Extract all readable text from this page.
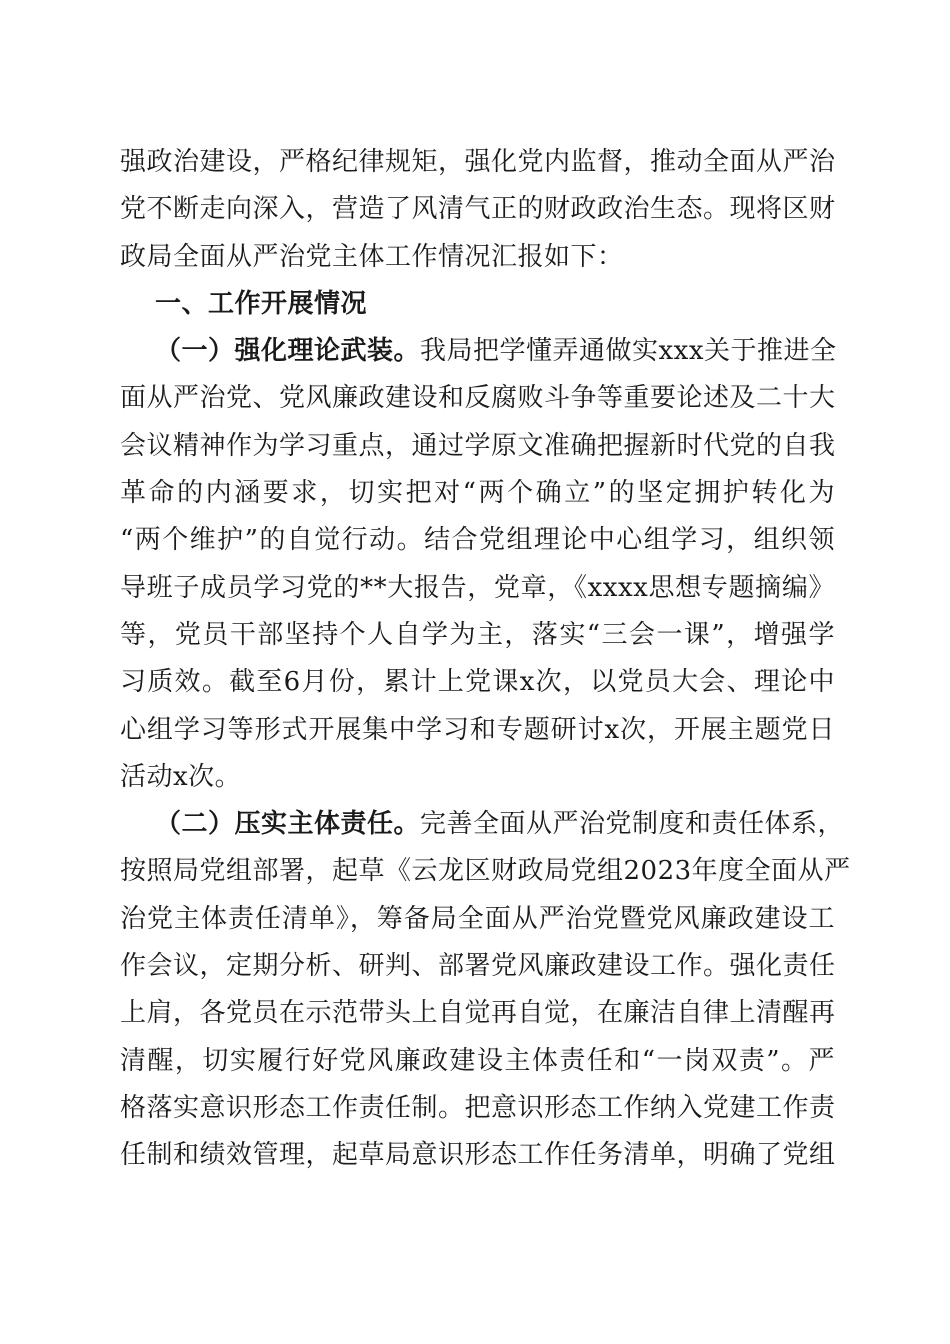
强政治建设，严格纪律规矩，强化党内监督，推动全面从严治
党不断走向深入，营造了风清气正的财政政治生态。现将区财
政局全面从严治党主体工作情况汇报如下：
一、工作开展情况
（一）强化理论武装。我局把学懂弄通做实xxx关于推进全
面从严治党、党风廉政建设和反腐败斗争等重要论述及二十大
会议精神作为学习重点，通过学原文准确把握新时代党的自我
革命的内涵要求，切实把对“两个确立”的坚定拥护转化为
“两个维护”的自觉行动。结合党组理论中心组学习，组织领
导班子成员学习党的**大报告，党章，《xxxx思想专题摘编》
等，党员干部坚持个人自学为主，落实“三会一课”，增强学
习质效。截至6月份，累计上党课x次，以党员大会、理论中
心组学习等形式开展集中学习和专题研讨x次，开展主题党日
活动x次。
（二）压实主体责任。完善全面从严治党制度和责任体系，
按照局党组部署，起草《云龙区财政局党组2023年度全面从严
治党主体责任清单》，筹备局全面从严治党暨党风廉政建设工
作会议，定期分析、研判、部署党风廉政建设工作。强化责任
上肩，各党员在示范带头上自觉再自觉，在廉洁自律上清醒再
清醒，切实履行好党风廉政建设主体责任和“一岗双责”。严
格落实意识形态工作责任制。把意识形态工作纳入党建工作责
任制和绩效管理，起草局意识形态工作任务清单，明确了党组
